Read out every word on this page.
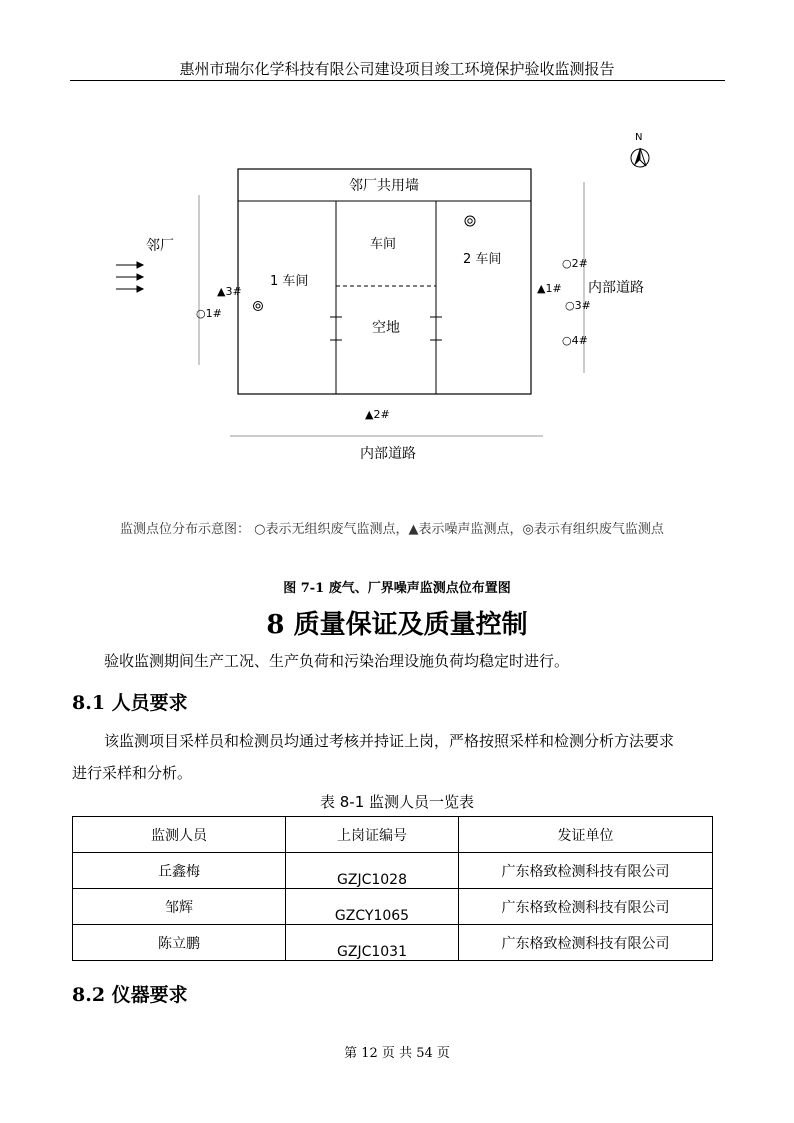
惠州市瑞尔化学科技有限公司建设项目竣工环境保护验收监测报告
N
邻厂共用墙
邻厂
1 车间
车间
空地
2 车间
内部道路
内部道路
▲1#
▲2#
▲3#
○1#
○2#
○3#
○4#
监测点位分布示意图： ○表示无组织废气监测点，▲表示噪声监测点，◎表示有组织废气监测点
图 7-1 废气、厂界噪声监测点位布置图
8 质量保证及质量控制
验收监测期间生产工况、生产负荷和污染治理设施负荷均稳定时进行。
8.1 人员要求
该监测项目采样员和检测员均通过考核并持证上岗，严格按照采样和检测分析方法要求
进行采样和分析。
表 8-1 监测人员一览表
监测人员	上岗证编号	发证单位
丘鑫梅	GZJC1028	广东格致检测科技有限公司
邹辉	GZCY1065	广东格致检测科技有限公司
陈立鹏	GZJC1031	广东格致检测科技有限公司
8.2 仪器要求
第 12 页 共 54 页
